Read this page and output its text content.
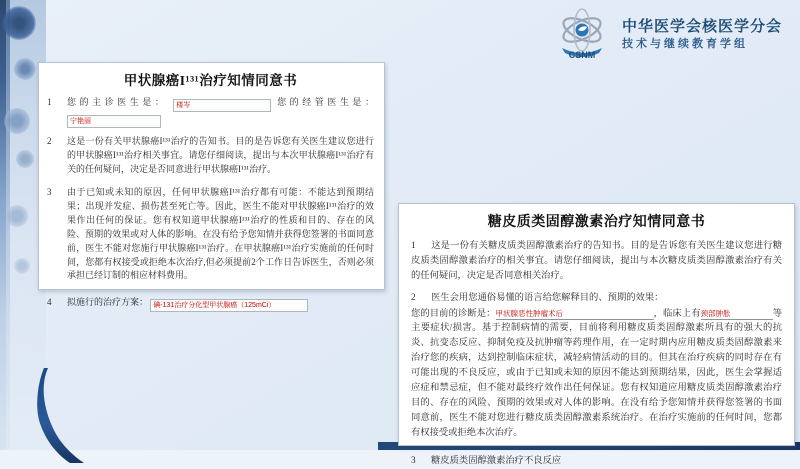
CSNM
中华医学会核医学分会
技术与继续教育学组
甲状腺癌I¹³¹治疗知情同意书
1	您的主诊医生是： 楼岑	您的经管医生是： 宁艳丽
2	这是一份有关甲状腺癌I¹³¹治疗的告知书。目的是告诉您有关医生建议您进行的甲状腺癌I¹³¹治疗相关事宜。请您仔细阅读，提出与本次甲状腺癌I¹³¹治疗有关的任何疑问，决定是否同意进行甲状腺癌I¹³¹治疗。
3	由于已知或未知的原因，任何甲状腺癌I¹³¹治疗都有可能：不能达到预期结果；出现并发症、损伤甚至死亡等。因此，医生不能对甲状腺癌I¹³¹治疗的效果作出任何的保证。您有权知道甲状腺癌I¹³¹治疗的性质和目的、存在的风险、预期的效果或对人体的影响。在没有给予您知情并获得您签署的书面同意前，医生不能对您施行甲状腺癌I¹³¹治疗。在甲状腺癌I¹³¹治疗实施前的任何时间，您都有权接受或拒绝本次治疗,但必须提前2个工作日告诉医生，否则必须承担已经订制的相应材料费用。
4	拟施行的治疗方案： 碘-131治疗分化型甲状腺癌（125mCi）
糖皮质类固醇激素治疗知情同意书
1 这是一份有关糖皮质类固醇激素治疗的告知书。目的是告诉您有关医生建议您进行糖皮质类固醇激素治疗的相关事宜。请您仔细阅读，提出与本次糖皮质类固醇激素治疗有关的任何疑问，决定是否同意相关治疗。
2 医生会用您通俗易懂的语言给您解释目的、预期的效果：
您的目前的诊断是：甲状腺恶性肿瘤术后	，临床上有颈部肿胀	等主要症状/损害。基于控制病情的需要，目前将利用糖皮质类固醇激素所具有的强大的抗炎、抗变态反应、抑制免疫及抗肿瘤等药理作用，在一定时期内应用糖皮质类固醇激素来治疗您的疾病，达到控制临床症状，减轻病情活动的目的。但其在治疗疾病的同时存在有可能出现的不良反应，或由于已知或未知的原因不能达到预期结果，因此，医生会掌握适应症和禁忌症，但不能对最终疗效作出任何保证。您有权知道应用糖皮质类固醇激素治疗目的、存在的风险、预期的效果或对人体的影响。在没有给予您知情并获得您签署的书面同意前，医生不能对您进行糖皮质类固醇激素系统治疗。在治疗实施前的任何时间，您都有权接受或拒绝本次治疗。
3 糖皮质类固醇激素治疗不良反应
